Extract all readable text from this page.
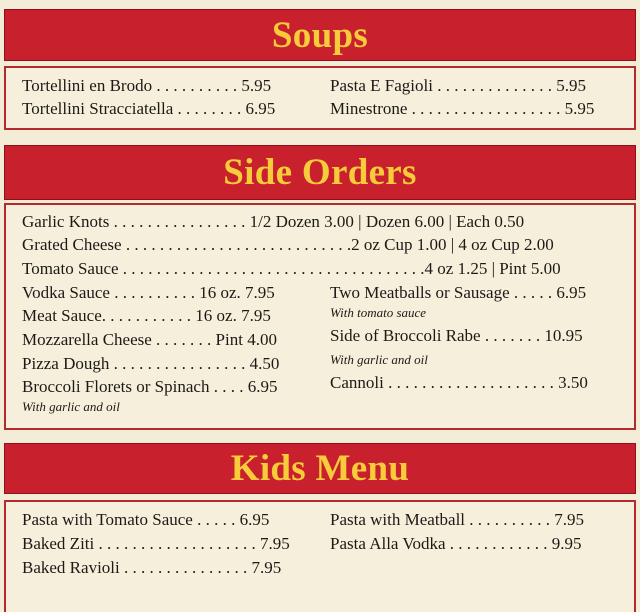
Soups
Tortellini en Brodo . . . . . . . . . . 5.95
Tortellini Stracciatella . . . . . . . . 6.95
Pasta E Fagioli . . . . . . . . . . . . . . 5.95
Minestrone . . . . . . . . . . . . . . . . . . 5.95
Side Orders
Garlic Knots . . . . . . . . . . . . . . . . 1/2 Dozen 3.00 | Dozen 6.00 | Each 0.50
Grated Cheese . . . . . . . . . . . . . . . . . . . . . . . . . . .2 oz Cup 1.00 | 4 oz Cup 2.00
Tomato Sauce . . . . . . . . . . . . . . . . . . . . . . . . . . . . . . . . . . . .4 oz 1.25 | Pint 5.00
Vodka Sauce . . . . . . . . . . 16 oz. 7.95
Meat Sauce. . . . . . . . . . . 16 oz. 7.95
Mozzarella Cheese . . . . . . . Pint 4.00
Pizza Dough . . . . . . . . . . . . . . . . 4.50
Broccoli Florets or Spinach . . . . 6.95
With garlic and oil
Two Meatballs or Sausage . . . . . 6.95
With tomato sauce
Side of Broccoli Rabe . . . . . . . 10.95
With garlic and oil
Cannoli . . . . . . . . . . . . . . . . . . . . 3.50
Kids Menu
Pasta with Tomato Sauce . . . . . 6.95
Baked Ziti . . . . . . . . . . . . . . . . . . . 7.95
Baked Ravioli . . . . . . . . . . . . . . . 7.95
Pasta with Meatball . . . . . . . . . . 7.95
Pasta Alla Vodka . . . . . . . . . . . . 9.95
